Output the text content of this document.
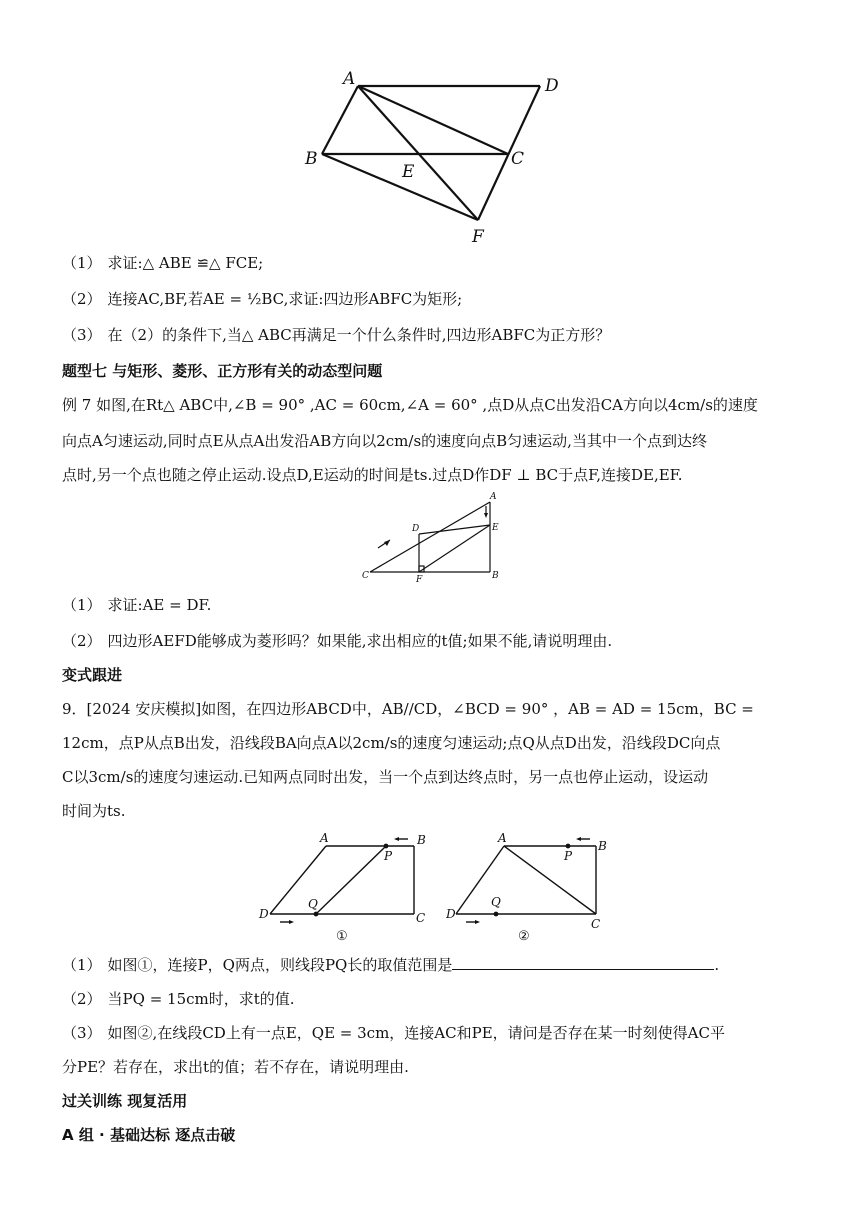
A	D
B
E
C
F
（1） 求证:△ ABE ≌△ FCE;
（2） 连接AC,BF,若AE = ½BC,求证:四边形ABFC为矩形;
（3） 在（2）的条件下,当△ ABC再满足一个什么条件时,四边形ABFC为正方形？
题型七 与矩形、菱形、正方形有关的动态型问题
例 7 如图,在Rt△ ABC中,∠B = 90° ,AC = 60cm,∠A = 60° ,点D从点C出发沿CA方向以4cm/s的速度
向点A匀速运动,同时点E从点A出发沿AB方向以2cm/s的速度向点B匀速运动,当其中一个点到达终
点时,另一个点也随之停止运动.设点D,E运动的时间是ts.过点D作DF ⊥ BC于点F,连接DE,EF.
A
D	E
C	F	B
（1） 求证:AE = DF.
（2） 四边形AEFD能够成为菱形吗？如果能,求出相应的t值;如果不能,请说明理由.
变式跟进
9．[2024 安庆模拟]如图，在四边形ABCD中，AB//CD，∠BCD = 90° ，AB = AD = 15cm，BC =
12cm，点P从点B出发，沿线段BA向点A以2cm/s的速度匀速运动;点Q从点D出发，沿线段DC向点
C以3cm/s的速度匀速运动.已知两点同时出发，当一个点到达终点时，另一点也停止运动，设运动
时间为ts.
A
P
B
Q
D	C
①
A
P
B
Q
D
C
②
（1） 如图①，连接P，Q两点，则线段PQ长的取值范围是	.
（2） 当PQ = 15cm时，求t的值.
（3） 如图②,在线段CD上有一点E，QE = 3cm，连接AC和PE，请问是否存在某一时刻使得AC平
分PE？若存在，求出t的值；若不存在，请说明理由.
过关训练 现复活用
A 组 · 基础达标 逐点击破
